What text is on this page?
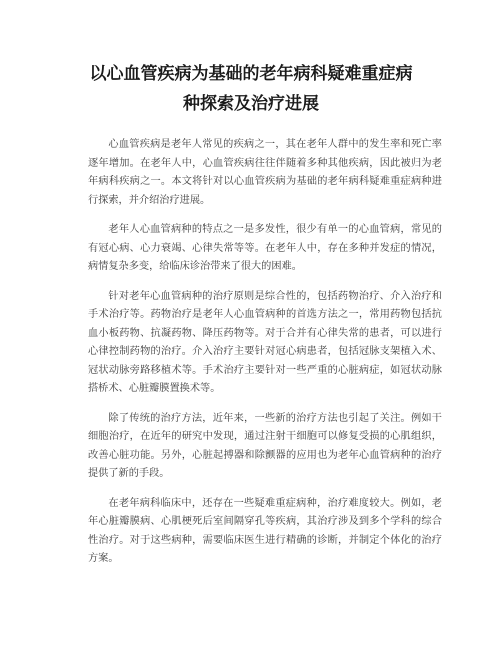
以心血管疾病为基础的老年病科疑难重症病
种探索及治疗进展

心血管疾病是老年人常见的疾病之一，其在老年人群中的发生率和死亡率逐年增加。在老年人中，心血管疾病往往伴随着多种其他疾病，因此被归为老年病科疾病之一。本文将针对以心血管疾病为基础的老年病科疑难重症病种进行探索，并介绍治疗进展。

老年人心血管病种的特点之一是多发性，很少有单一的心血管病，常见的有冠心病、心力衰竭、心律失常等等。在老年人中，存在多种并发症的情况，病情复杂多变，给临床诊治带来了很大的困难。

针对老年心血管病种的治疗原则是综合性的，包括药物治疗、介入治疗和手术治疗等。药物治疗是老年人心血管病种的首选方法之一，常用药物包括抗血小板药物、抗凝药物、降压药物等。对于合并有心律失常的患者，可以进行心律控制药物的治疗。介入治疗主要针对冠心病患者，包括冠脉支架植入术、冠状动脉旁路移植术等。手术治疗主要针对一些严重的心脏病症，如冠状动脉搭桥术、心脏瓣膜置换术等。

除了传统的治疗方法，近年来，一些新的治疗方法也引起了关注。例如干细胞治疗，在近年的研究中发现，通过注射干细胞可以修复受损的心肌组织，改善心脏功能。另外，心脏起搏器和除颤器的应用也为老年心血管病种的治疗提供了新的手段。

在老年病科临床中，还存在一些疑难重症病种，治疗难度较大。例如，老年心脏瓣膜病、心肌梗死后室间隔穿孔等疾病，其治疗涉及到多个学科的综合性治疗。对于这些病种，需要临床医生进行精确的诊断，并制定个体化的治疗方案。
